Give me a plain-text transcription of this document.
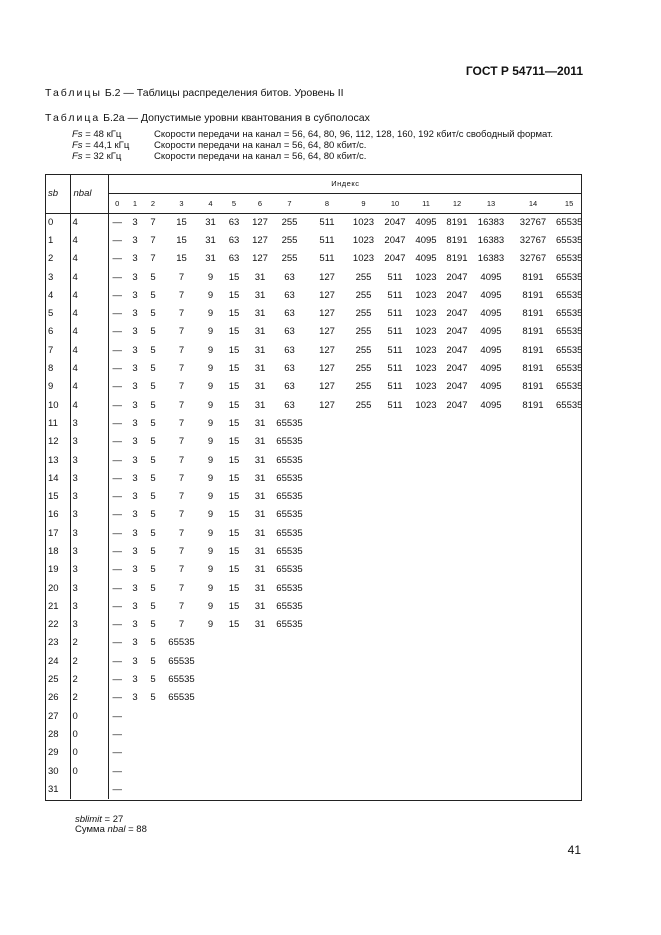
ГОСТ Р 54711—2011
Таблицы Б.2 — Таблицы распределения битов. Уровень II
Таблица Б.2а — Допустимые уровни квантования в субполосах
Fs = 48 кГц	Скорости передачи на канал = 56, 64, 80, 96, 112, 128, 160, 192 кбит/с свободный формат.
Fs = 44,1 кГц	Скорости передачи на канал = 56, 64, 80 кбит/с.
Fs = 32 кГц	Скорости передачи на канал = 56, 64, 80 кбит/с.
sb	nbal	Индекс															
		0	1	2	3	4	5	6	7	8	9	10	11	12	13	14	15
0	4	—	3	7	15	31	63	127	255	511	1023	2047	4095	8191	16383	32767	65535
1	4	—	3	7	15	31	63	127	255	511	1023	2047	4095	8191	16383	32767	65535
2	4	—	3	7	15	31	63	127	255	511	1023	2047	4095	8191	16383	32767	65535
3	4	—	3	5	7	9	15	31	63	127	255	511	1023	2047	4095	8191	65535
4	4	—	3	5	7	9	15	31	63	127	255	511	1023	2047	4095	8191	65535
5	4	—	3	5	7	9	15	31	63	127	255	511	1023	2047	4095	8191	65535
6	4	—	3	5	7	9	15	31	63	127	255	511	1023	2047	4095	8191	65535
7	4	—	3	5	7	9	15	31	63	127	255	511	1023	2047	4095	8191	65535
8	4	—	3	5	7	9	15	31	63	127	255	511	1023	2047	4095	8191	65535
9	4	—	3	5	7	9	15	31	63	127	255	511	1023	2047	4095	8191	65535
10	4	—	3	5	7	9	15	31	63	127	255	511	1023	2047	4095	8191	65535
11	3	—	3	5	7	9	15	31	65535								
12	3	—	3	5	7	9	15	31	65535								
13	3	—	3	5	7	9	15	31	65535								
14	3	—	3	5	7	9	15	31	65535								
15	3	—	3	5	7	9	15	31	65535								
16	3	—	3	5	7	9	15	31	65535								
17	3	—	3	5	7	9	15	31	65535								
18	3	—	3	5	7	9	15	31	65535								
19	3	—	3	5	7	9	15	31	65535								
20	3	—	3	5	7	9	15	31	65535								
21	3	—	3	5	7	9	15	31	65535								
22	3	—	3	5	7	9	15	31	65535								
23	2	—	3	5	65535												
24	2	—	3	5	65535												
25	2	—	3	5	65535												
26	2	—	3	5	65535												
27	0	—															
28	0	—															
29	0	—															
30	0	—															
31		—															
sblimit = 27
Сумма nbal = 88
41
